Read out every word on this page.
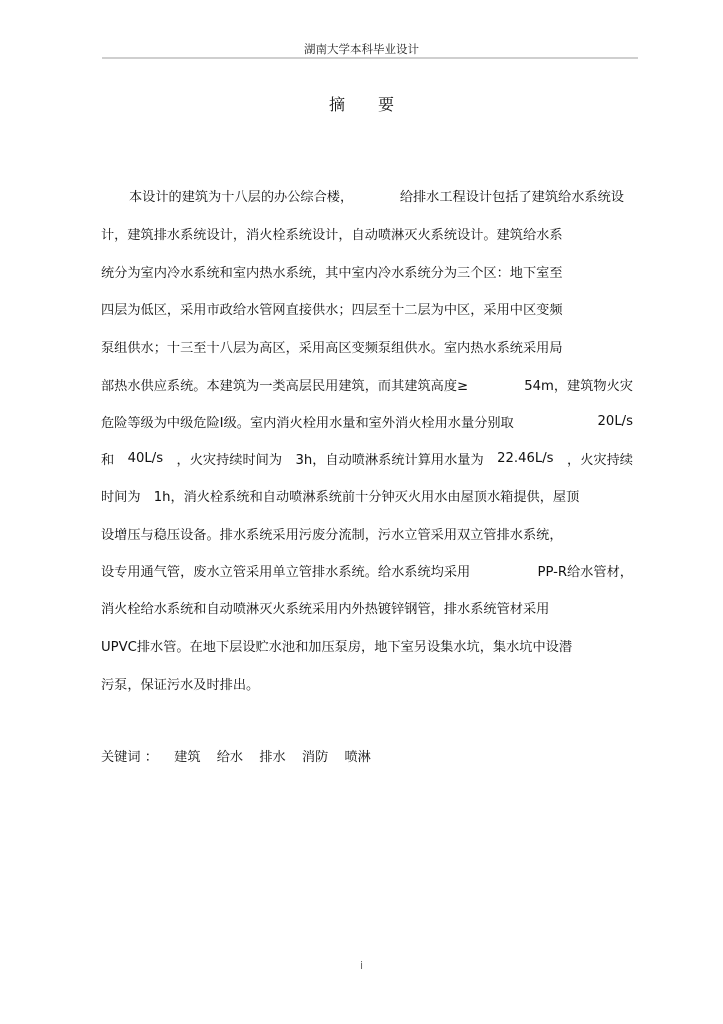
湖南大学本科毕业设计
摘 要
本设计的建筑为十八层的办公综合楼，	给排水工程设计包括了建筑给水系统设
计，建筑排水系统设计，消火栓系统设计，自动喷淋灭火系统设计。建筑给水系
统分为室内冷水系统和室内热水系统，其中室内冷水系统分为三个区：地下室至
四层为低区，采用市政给水管网直接供水；四层至十二层为中区，采用中区变频
泵组供水；十三至十八层为高区，采用高区变频泵组供水。室内热水系统采用局
部热水供应系统。本建筑为一类高层民用建筑，而其建筑高度≥	54m，建筑物火灾
危险等级为中级危险Ⅰ级。室内消火栓用水量和室外消火栓用水量分别取	20L/s
和 40L/s ，火灾持续时间为 3h，自动喷淋系统计算用水量为 22.46L/s ，火灾持续
时间为　1h，消火栓系统和自动喷淋系统前十分钟灭火用水由屋顶水箱提供，屋顶
设增压与稳压设备。排水系统采用污废分流制，污水立管采用双立管排水系统，
设专用通气管，废水立管采用单立管排水系统。给水系统均采用	PP-R给水管材，
消火栓给水系统和自动喷淋灭火系统采用内外热镀锌钢管，排水系统管材采用
UPVC排水管。在地下层设贮水池和加压泵房，地下室另设集水坑，集水坑中设潜
污泵，保证污水及时排出。
关键词 ： 建筑 给水 排水 消防 喷淋
i
